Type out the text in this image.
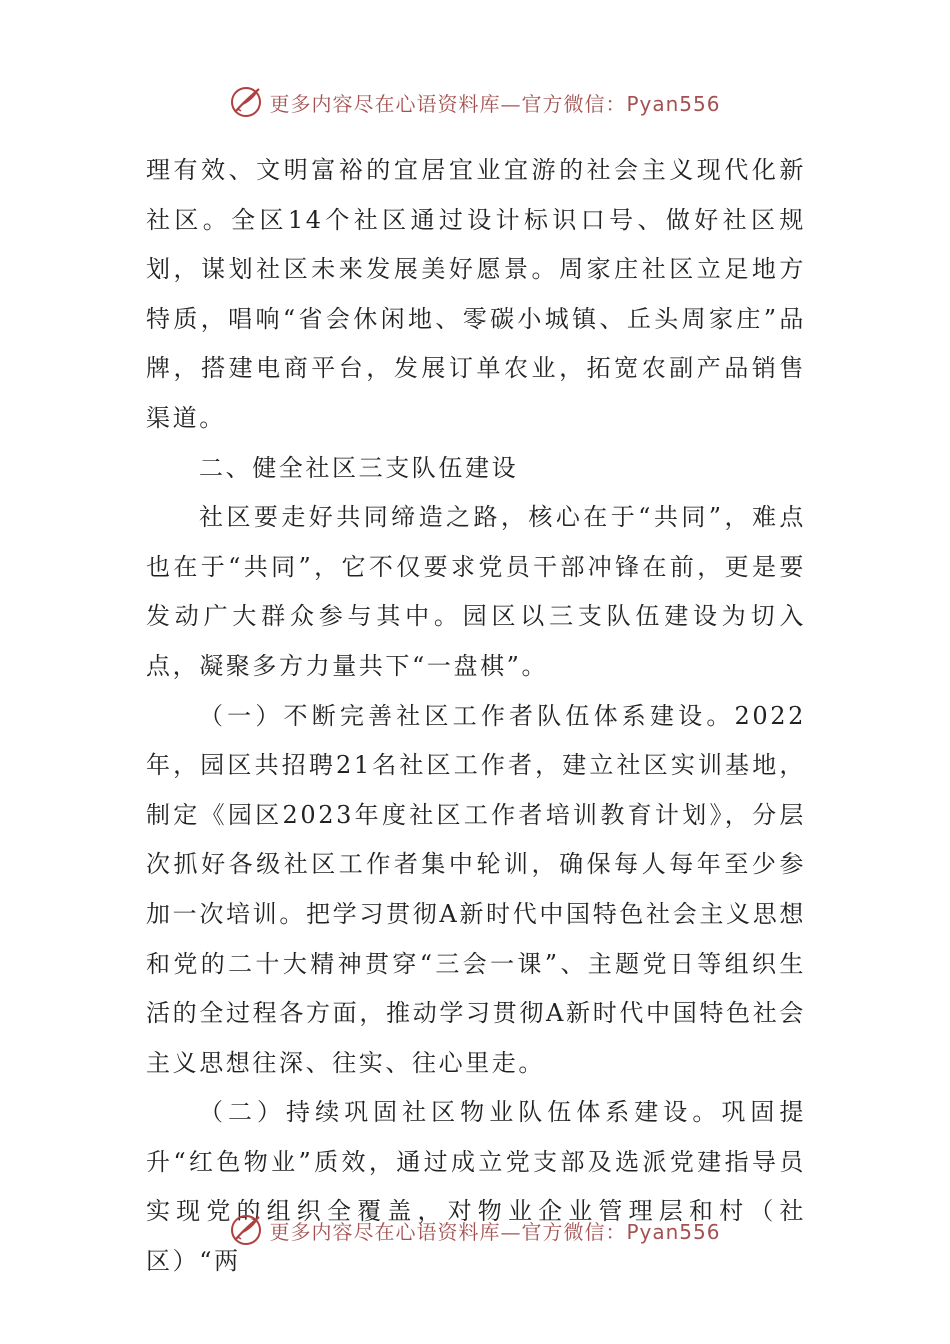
更多内容尽在心语资料库—官方微信：Pyan556

理有效、文明富裕的宜居宜业宜游的社会主义现代化新社区。全区14个社区通过设计标识口号、做好社区规划，谋划社区未来发展美好愿景。周家庄社区立足地方特质，唱响“省会休闲地、零碳小城镇、丘头周家庄”品牌，搭建电商平台，发展订单农业，拓宽农副产品销售渠道。

二、健全社区三支队伍建设

社区要走好共同缔造之路，核心在于“共同”，难点也在于“共同”，它不仅要求党员干部冲锋在前，更是要发动广大群众参与其中。园区以三支队伍建设为切入点，凝聚多方力量共下“一盘棋”。

（一）不断完善社区工作者队伍体系建设。2022年，园区共招聘21名社区工作者，建立社区实训基地，制定《园区2023年度社区工作者培训教育计划》，分层次抓好各级社区工作者集中轮训，确保每人每年至少参加一次培训。把学习贯彻A新时代中国特色社会主义思想和党的二十大精神贯穿“三会一课”、主题党日等组织生活的全过程各方面，推动学习贯彻A新时代中国特色社会主义思想往深、往实、往心里走。

（二）持续巩固社区物业队伍体系建设。巩固提升“红色物业”质效，通过成立党支部及选派党建指导员实现党的组织全覆盖，对物业企业管理层和村（社区）“两

更多内容尽在心语资料库—官方微信：Pyan556
